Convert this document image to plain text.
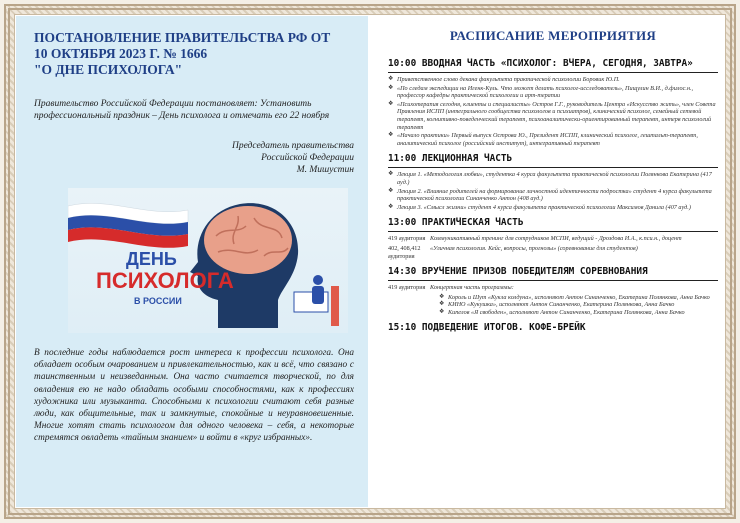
ПОСТАНОВЛЕНИЕ ПРАВИТЕЛЬСТВА РФ ОТ
10 ОКТЯБРЯ 2023 Г. № 1666
"О ДНЕ ПСИХОЛОГА"

Правительство Российской Федерации постановляет: Установить профессиональный праздник – День психолога и отмечать его 22 ноября

Председатель правительства
Российской Федерации
М. Мишустин
ДЕНЬ
ПСИХОЛОГА
В РОССИИ

В последние годы наблюдается рост интереса к профессии психолога. Она обладает особым очарованием и привлекательностью, как и всё, что связано с таинственным и неизведанным. Она часто считается творческой, по для овладения ею не надо обладать особыми способностями, как к профессиях художника или музыканта. Способными к психологии считают себя разные люди, как общительные, так и замкнутые, спокойные и неуравновешенные. Многие хотят стать психологом для одного человека – себя, а некоторые стремятся овладеть «тайным знанием» и войти в «круг избранных».

РАСПИСАНИЕ МЕРОПРИЯТИЯ
10:00 ВВОДНАЯ ЧАСТЬ «ПСИХОЛОГ: ВЧЕРА, СЕГОДНЯ, ЗАВТРА»
❖ Приветственное слово декана факультета практической психологии Боровик Ю.П.
❖ «По следам экспедиции на Игенк-Куль. Что может делать психолог-исследователь», Пищулин В.И., д.филос.н., профессор кафедры практической психологии и арт-терапии
❖ «Психотерапия сегодня, клиенты и специалисты» Остров Г.Г., руководитель Центра «Искусство жить», член Совета Правления ИСПП (интегрального сообщества психологов и психиатров), клинический психолог, семейный сетевой терапевт, когнитивно-поведенческий терапевт, психоаналитически-ориентированный терапевт, интерв психологий терапевт
❖ «Начало практики» Первый выпуск Острова Ю., Президент ИСПП, клинический психолог, гештальт-терапевт, аналитический психолог (российский институт), интегративный терапевт
11:00 ЛЕКЦИОННАЯ ЧАСТЬ
❖ Лекция 1. «Методология любви», студентка 4 курса факультета практической психологии Полянкова Екатерина (417 ауд.)
❖ Лекция 2. «Влияние родителей на формирование личностной идентичности подростка» студент 4 курса факультета практической психологии Синанченко Антон (408 ауд.)
❖ Лекция 3. «Смысл жизни» студент 4 курса факультета практической психологии Максимов Данила (407 ауд.)
13:00 ПРАКТИЧЕСКАЯ ЧАСТЬ
419 аудитория Коммуникативный тренинг для сотрудников МСПИ, ведущий - Дроздова И.А., к.пси.н., доцент
402, 408,412 аудитория
«Уличная психология. Кейс, вопросы, прогнозы» (соревнование для студентов)
14:30 ВРУЧЕНИЕ ПРИЗОВ ПОБЕДИТЕЛЯМ СОРЕВНОВАНИЯ
419 аудитория Концертная часть программы:
❖ Король и Шут «Кукла колдуна», исполняют Антон Синанченко, Екатерина Полянкова, Анна Бачко
❖ КИНО «Кукушка», исполняют Антон Синанченко, Екатерина Полянкова, Анна Бачко
❖ Кипелов «Я свободен», исполняют Антон Синанченко, Екатерина Полянкова, Анна Бачко
15:10 ПОДВЕДЕНИЕ ИТОГОВ. КОФЕ-БРЕЙК
